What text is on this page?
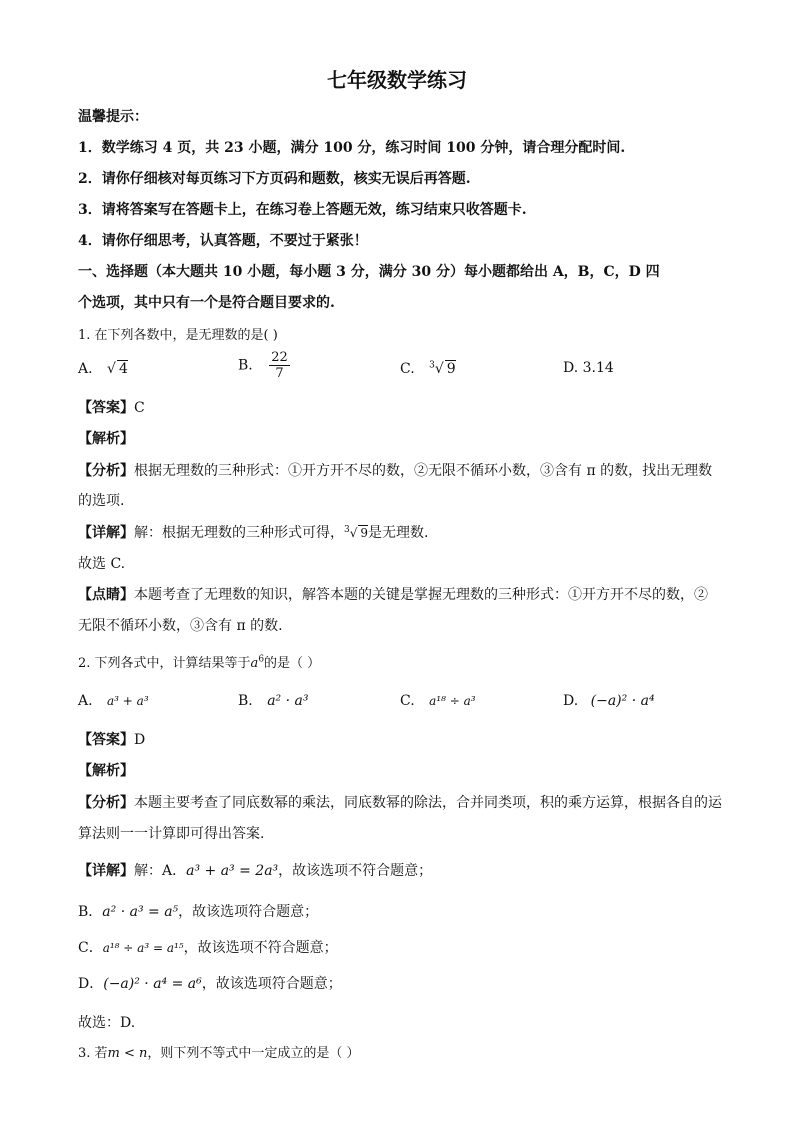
七年级数学练习
温馨提示：
1．数学练习 4 页，共 23 小题，满分 100 分，练习时间 100 分钟，请合理分配时间.
2．请你仔细核对每页练习下方页码和题数，核实无误后再答题.
3．请将答案写在答题卡上，在练习卷上答题无效，练习结束只收答题卡.
4．请你仔细思考，认真答题，不要过于紧张！
一、选择题（本大题共 10 小题，每小题 3 分，满分 30 分）每小题都给出 A，B，C，D 四
个选项，其中只有一个是符合题目要求的.
1. 在下列各数中，是无理数的是( )
A. √ 4	B. $\frac{22}{7}$	C. $^3$√ 9	D. 3.14
【答案】C
【解析】
【分析】根据无理数的三种形式：①开方开不尽的数，②无限不循环小数，③含有 π 的数，找出无理数
的选项.
【详解】解：根据无理数的三种形式可得，$^3$√ 9是无理数.
故选 C.
【点睛】本题考查了无理数的知识，解答本题的关键是掌握无理数的三种形式：①开方开不尽的数，②
无限不循环小数，③含有 π 的数.
2. 下列各式中，计算结果等于$a^6$的是（ ）
A. a³ + a³	B. a² · a³	C. a¹⁸ ÷ a³	D. (−a)² · a⁴
【答案】D
【解析】
【分析】本题主要考查了同底数幂的乘法，同底数幂的除法，合并同类项，积的乘方运算，根据各自的运
算法则一一计算即可得出答案.
【详解】解：A．a³ + a³ = 2a³，故该选项不符合题意；
B．a² · a³ = a⁵，故该选项符合题意；
C．a¹⁸ ÷ a³ = a¹⁵，故该选项不符合题意；
D．(−a)² · a⁴ = a⁶，故该选项符合题意；
故选：D.
3. 若m < n，则下列不等式中一定成立的是（ ）
